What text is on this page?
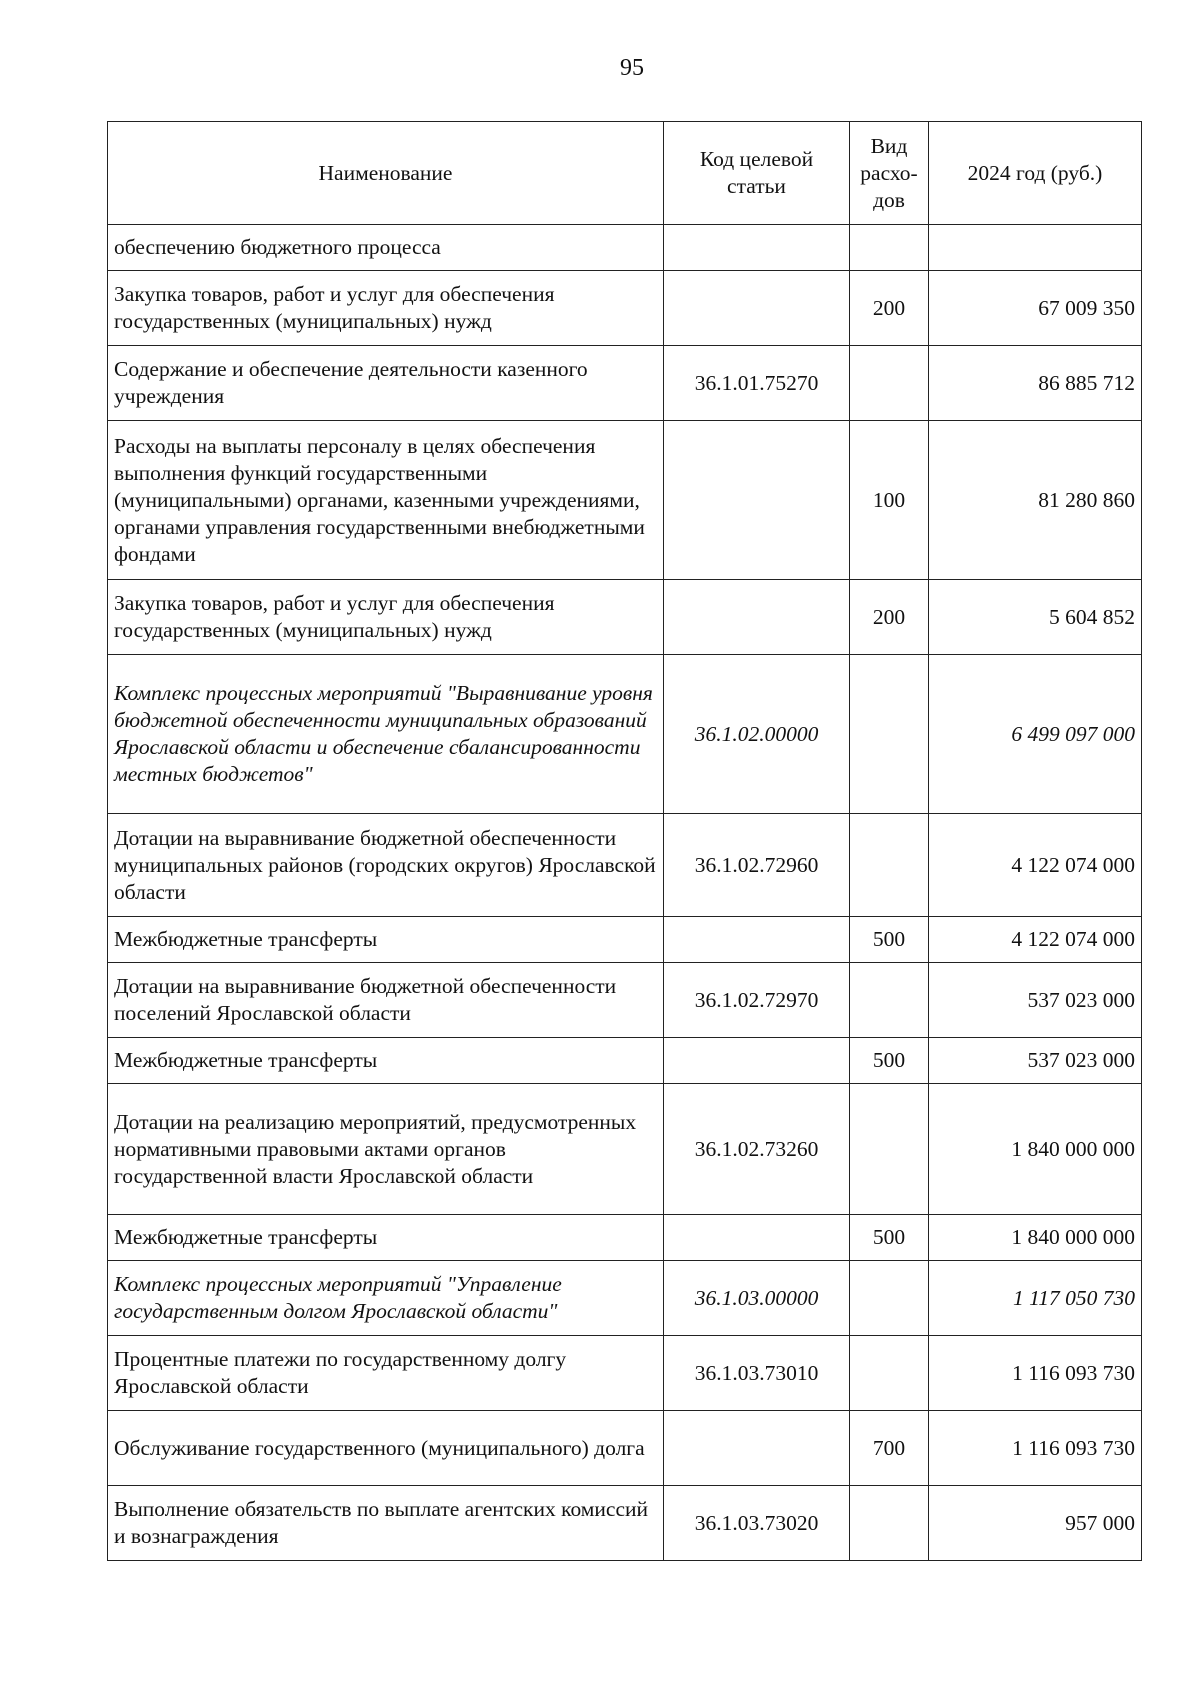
95
Наименование	Код целевой статьи	Вид расхо-дов	2024 год (руб.)
обеспечению бюджетного процесса			
Закупка товаров, работ и услуг для обеспечения государственных (муниципальных) нужд		200	67 009 350
Содержание и обеспечение деятельности казенного учреждения	36.1.01.75270		86 885 712
Расходы на выплаты персоналу в целях обеспечения выполнения функций государственными (муниципальными) органами, казенными учреждениями, органами управления государственными внебюджетными фондами		100	81 280 860
Закупка товаров, работ и услуг для обеспечения государственных (муниципальных) нужд		200	5 604 852
Комплекс процессных мероприятий "Выравнивание уровня бюджетной обеспеченности муниципальных образований Ярославской области и обеспечение сбалансированности местных бюджетов"	36.1.02.00000		6 499 097 000
Дотации на выравнивание бюджетной обеспеченности муниципальных районов (городских округов) Ярославской области	36.1.02.72960		4 122 074 000
Межбюджетные трансферты		500	4 122 074 000
Дотации на выравнивание бюджетной обеспеченности поселений Ярославской области	36.1.02.72970		537 023 000
Межбюджетные трансферты		500	537 023 000
Дотации на реализацию мероприятий, предусмотренных нормативными правовыми актами органов государственной власти Ярославской области	36.1.02.73260		1 840 000 000
Межбюджетные трансферты		500	1 840 000 000
Комплекс процессных мероприятий "Управление государственным долгом Ярославской области"	36.1.03.00000		1 117 050 730
Процентные платежи по государственному долгу Ярославской области	36.1.03.73010		1 116 093 730
Обслуживание государственного (муниципального) долга		700	1 116 093 730
Выполнение обязательств по выплате агентских комиссий и вознаграждения	36.1.03.73020		957 000
